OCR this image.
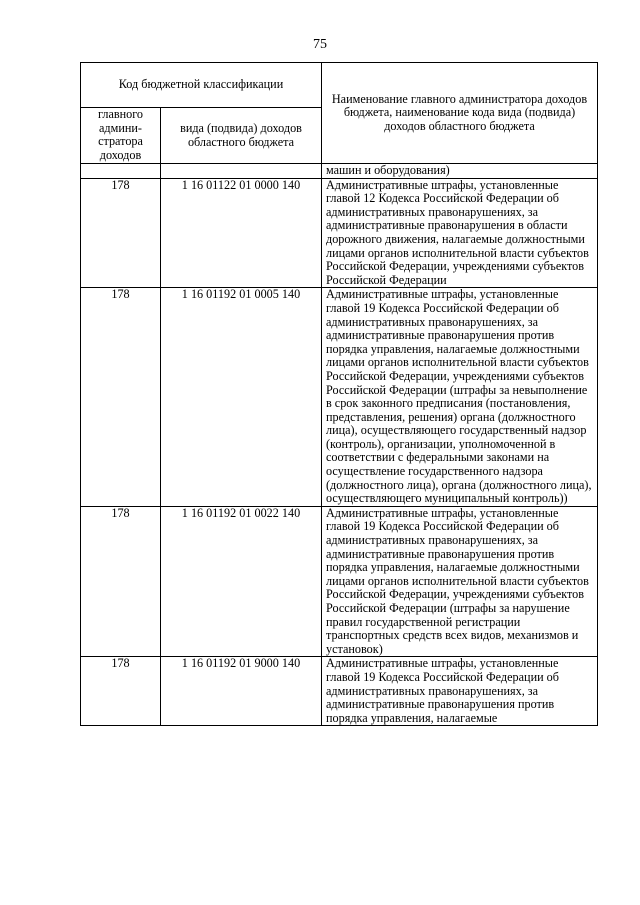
75
Код бюджетной классификации		Наименование главного администратора доходов бюджета, наименование кода вида (подвида) доходов областного бюджета
главного админи-стратора доходов	вида (подвида) доходов областного бюджета	
		машин и оборудования)
178	1 16 01122 01 0000 140	Административные штрафы, установленные главой 12 Кодекса Российской Федерации об административных правонарушениях, за административные правонарушения в области дорожного движения, налагаемые должностными лицами органов исполнительной власти субъектов Российской Федерации, учреждениями субъектов Российской Федерации
178	1 16 01192 01 0005 140	Административные штрафы, установленные главой 19 Кодекса Российской Федерации об административных правонарушениях, за административные правонарушения против порядка управления, налагаемые должностными лицами органов исполнительной власти субъектов Российской Федерации, учреждениями субъектов Российской Федерации (штрафы за невыполнение в срок законного предписания (постановления, представления, решения) органа (должностного лица), осуществляющего государственный надзор (контроль), организации, уполномоченной в соответствии с федеральными законами на осуществление государственного надзора (должностного лица), органа (должностного лица), осуществляющего муниципальный контроль))
178	1 16 01192 01 0022 140	Административные штрафы, установленные главой 19 Кодекса Российской Федерации об административных правонарушениях, за административные правонарушения против порядка управления, налагаемые должностными лицами органов исполнительной власти субъектов Российской Федерации, учреждениями субъектов Российской Федерации (штрафы за нарушение правил государственной регистрации транспортных средств всех видов, механизмов и установок)
178	1 16 01192 01 9000 140	Административные штрафы, установленные главой 19 Кодекса Российской Федерации об административных правонарушениях, за административные правонарушения против порядка управления, налагаемые
